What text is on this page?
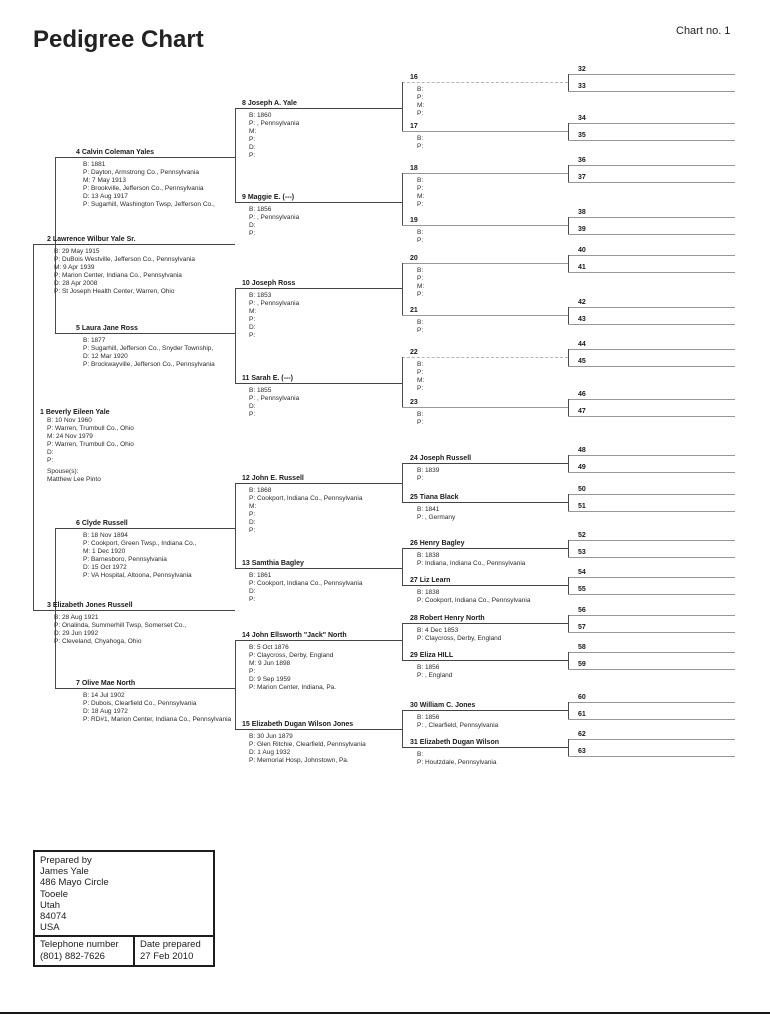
Pedigree Chart	Chart no. 1
1 Beverly Eileen Yale
B: 10 Nov 1960
P: Warren, Trumbull Co., Ohio
M: 24 Nov 1979
P: Warren, Trumbull Co., Ohio
D:
P:
Spouse(s):
Matthew Lee Pinto
2 Lawrence Wilbur Yale Sr.
B: 29 May 1915
P: DuBois Westville, Jefferson Co., Pennsylvania
M: 9 Apr 1939
P: Marion Center, Indiana Co., Pennsylvania
D: 28 Apr 2008
P: St Joseph Health Center, Warren, Ohio
3 Elizabeth Jones Russell
B: 28 Aug 1921
P: Onalinda, Summerhill Twsp, Somerset Co.,
D: 29 Jun 1992
P: Cleveland, Chyahoga, Ohio
4 Calvin Coleman Yales
B: 1881
P: Dayton, Armstrong Co., Pennsylvania
M: 7 May 1913
P: Brookville, Jefferson Co., Pennsylvania
D: 13 Aug 1917
P: Sugarhill, Washington Twsp, Jefferson Co.,
5 Laura Jane Ross
B: 1877
P: Sugarhill, Jefferson Co., Snyder Township,
D: 12 Mar 1920
P: Brockwayville, Jefferson Co., Pennsylvania
6 Clyde Russell
B: 18 Nov 1894
P: Cookport, Green Twsp., Indiana Co.,
M: 1 Dec 1920
P: Barnesboro, Pennsylvania
D: 15 Oct 1972
P: VA Hospital, Altoona, Pennsylvania
7 Olive Mae North
B: 14 Jul 1902
P: Dubois, Clearfield Co., Pennsylvania
D: 18 Aug 1972
P: RD#1, Marion Center, Indiana Co., Pennsylvania
8 Joseph A. Yale
B: 1860
P: , Pennsylvania
M:
P:
D:
P:
9 Maggie E. (---)
B: 1856
P: , Pennsylvania
D:
P:
10 Joseph Ross
B: 1853
P: , Pennsylvania
M:
P:
D:
P:
11 Sarah E. (---)
B: 1855
P: , Pennsylvania
D:
P:
12 John E. Russell
B: 1868
P: Cookport, Indiana Co., Pennsylvania
M:
P:
D:
P:
13 Samthia Bagley
B: 1861
P: Cookport, Indiana Co., Pennsylvania
D:
P:
14 John Ellsworth "Jack" North
B: 5 Oct 1876
P: Claycross, Derby, England
M: 9 Jun 1898
P:
D: 9 Sep 1959
P: Marion Center, Indiana, Pa.
15 Elizabeth Dugan Wilson Jones
B: 30 Jun 1879
P: Glen Ritchie, Clearfield, Pennsylvania
D: 1 Aug 1932
P: Memorial Hosp, Johnstown, Pa.
16
B:
P:
M:
P:
17
B:
P:
18
B:
P:
M:
P:
19
B:
P:
20
B:
P:
M:
P:
21
B:
P:
22
B:
P:
M:
P:
23
B:
P:
24 Joseph Russell
B: 1839
P:
25 Tiana Black
B: 1841
P: , Germany
26 Henry Bagley
B: 1838
P: Indiana, Indiana Co., Pennsylvania
27 Liz Learn
B: 1838
P: Cookport, Indiana Co., Pennsylvania
28 Robert Henry North
B: 4 Dec 1853
P: Claycross, Derby, England
29 Eliza HILL
B: 1856
P: , England
30 William C. Jones
B: 1856
P: , Clearfield, Pennsylvania
31 Elizabeth Dugan Wilson
B:
P: Houtzdale, Pennsylvania
32
33
34
35
36
37
38
39
40
41
42
43
44
45
46
47
48
49
50
51
52
53
54
55
56
57
58
59
60
61
62
63
Prepared by
James Yale
486 Mayo Circle
Tooele
Utah
84074
USA
Telephone number
(801) 882-7626
Date prepared
27 Feb 2010
